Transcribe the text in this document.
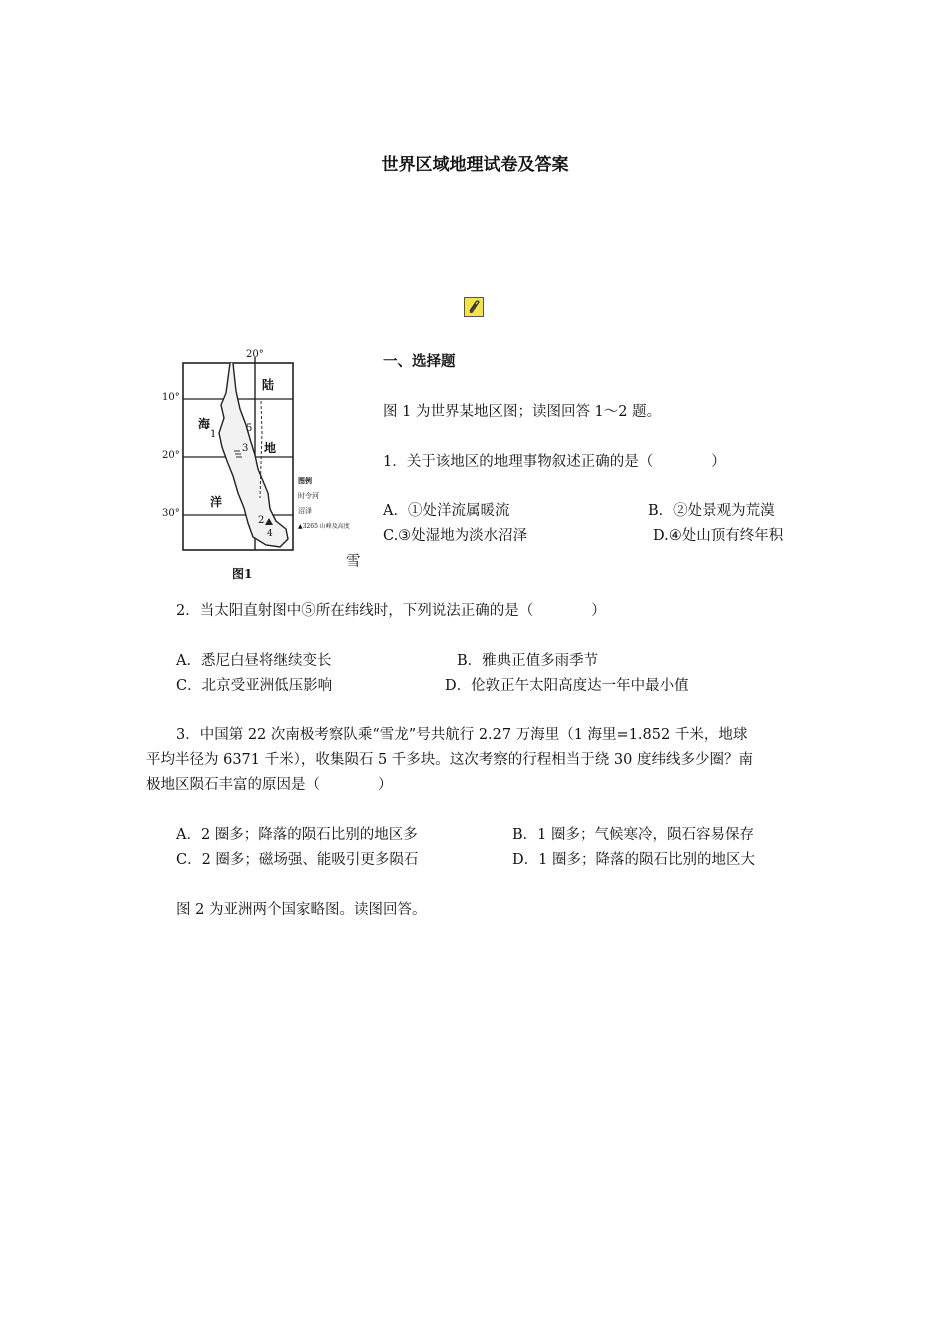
世界区域地理试卷及答案
20°
10°
20°
30°
海
洋
陆
地
1
2
3
4
5
图例
时令河
沼泽
▲3265 山峰及高度
图1
一、选择题
图 1 为世界某地区图；读图回答 1～2 题。
1．关于该地区的地理事物叙述正确的是（　　　　）
A．①处洋流属暖流	B．②处景观为荒漠
C.③处湿地为淡水沼泽	D.④处山顶有终年积
雪
2．当太阳直射图中⑤所在纬线时，下列说法正确的是（　　　　）
A．悉尼白昼将继续变长	B．雅典正值多雨季节
C．北京受亚洲低压影响	D．伦敦正午太阳高度达一年中最小值
3．中国第 22 次南极考察队乘“雪龙”号共航行 2.27 万海里（1 海里=1.852 千米，地球
平均半径为 6371 千米），收集陨石 5 千多块。这次考察的行程相当于绕 30 度纬线多少圈？南
极地区陨石丰富的原因是（　　　　）
A．2 圈多；降落的陨石比别的地区多	B．1 圈多；气候寒冷，陨石容易保存
C．2 圈多；磁场强、能吸引更多陨石	D．1 圈多；降落的陨石比别的地区大
图 2 为亚洲两个国家略图。读图回答。
